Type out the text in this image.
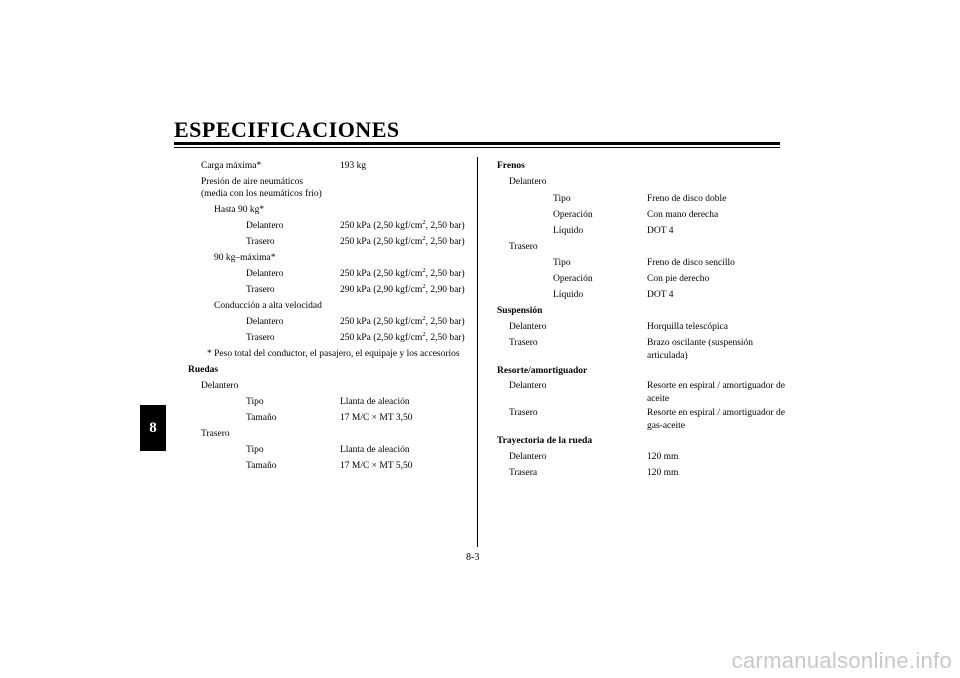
ESPECIFICACIONES
8
Carga máxima*	193 kg
Presión de aire neumáticos
(media con los neumáticos frío)
Hasta 90 kg*
Delantero	250 kPa (2,50 kgf/$cm^2$, 2,50 bar)
Trasero	250 kPa (2,50 kgf/$cm^2$, 2,50 bar)
90 kg–máxima*
Delantero	250 kPa (2,50 kgf/$cm^2$, 2,50 bar)
Trasero	290 kPa (2,90 kgf/$cm^2$, 2,90 bar)
Conducción a alta velocidad
Delantero	250 kPa (2,50 kgf/$cm^2$, 2,50 bar)
Trasero	250 kPa (2,50 kgf/$cm^2$, 2,50 bar)
* Peso total del conductor, el pasajero, el equipaje y los accesorios
Ruedas
Delantero
Tipo	Llanta de aleación
Tamaño	17 M/C × MT 3,50
Trasero
Tipo	Llanta de aleación
Tamaño	17 M/C × MT 5,50
Frenos
Delantero
Tipo	Freno de disco doble
Operación	Con mano derecha
Líquido	DOT 4
Trasero
Tipo	Freno de disco sencillo
Operación	Con pie derecho
Líquido	DOT 4
Suspensión
Delantero	Horquilla telescópica
Trasero	Brazo oscilante (suspensión articulada)
Resorte/amortiguador
Delantero	Resorte en espiral / amortiguador de aceite
Trasero	Resorte en espiral / amortiguador de gas-aceite
Trayectoria de la rueda
Delantero	120 mm
Trasera	120 mm
8-3
carmanualsonline.info
